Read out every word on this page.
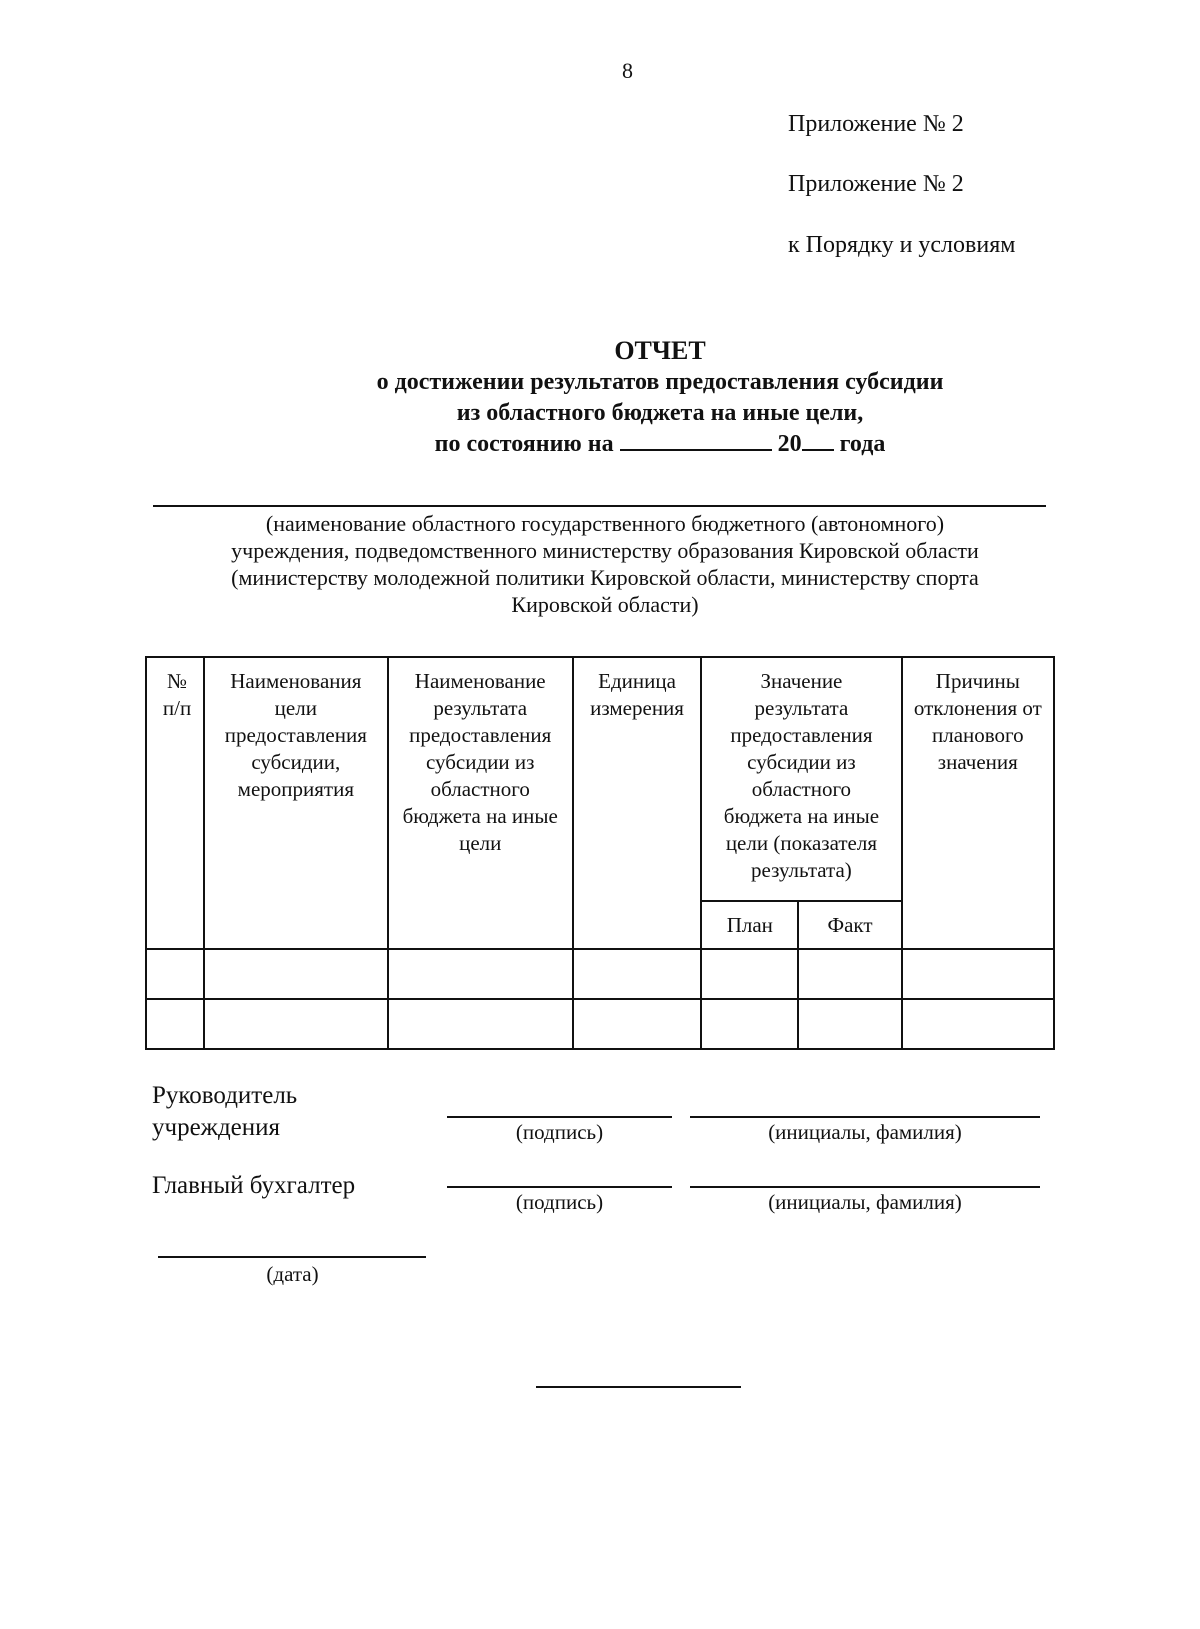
8
Приложение № 2
Приложение № 2
к Порядку и условиям
ОТЧЕТ
о достижении результатов предоставления субсидии
из областного бюджета на иные цели,
по состоянию на	20 года
(наименование областного государственного бюджетного (автономного)
учреждения, подведомственного министерству образования Кировской области
(министерству молодежной политики Кировской области, министерству спорта
Кировской области)
№ п/п	Наименования цели предоставления субсидии, мероприятия	Наименование результата предоставления субсидии из областного бюджета на иные цели	Единица измерения	Значение результата предоставления субсидии из областного бюджета на иные цели (показателя результата)		Причины отклонения от планового значения
				План	Факт	

Руководитель
учреждения	(подпись)	(инициалы, фамилия)
Главный бухгалтер
(подпись)	(инициалы, фамилия)
(дата)
